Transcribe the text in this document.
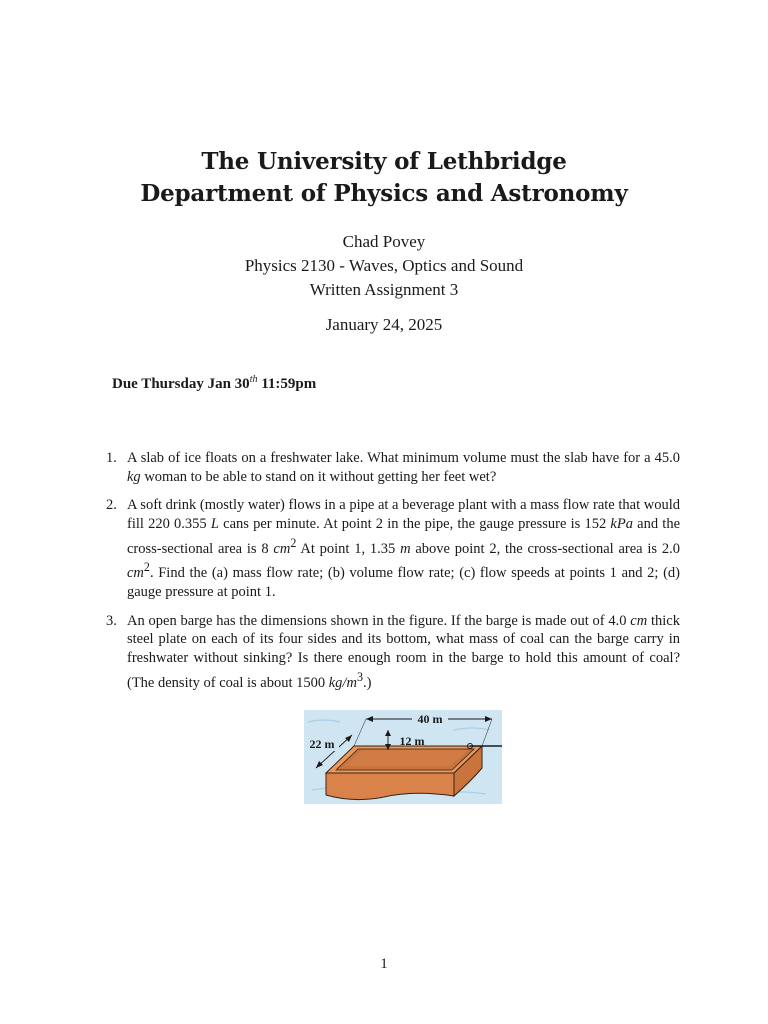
The University of Lethbridge
Department of Physics and Astronomy
Chad Povey
Physics 2130 - Waves, Optics and Sound
Written Assignment 3
January 24, 2025
Due Thursday Jan 30th 11:59pm
1. A slab of ice floats on a freshwater lake. What minimum volume must the slab have for a 45.0 kg woman to be able to stand on it without getting her feet wet?
2. A soft drink (mostly water) flows in a pipe at a beverage plant with a mass flow rate that would fill 220 0.355 L cans per minute. At point 2 in the pipe, the gauge pressure is 152 kPa and the cross-sectional area is 8 $cm^2$ At point 1, 1.35 m above point 2, the cross-sectional area is 2.0 $cm^2$. Find the (a) mass flow rate; (b) volume flow rate; (c) flow speeds at points 1 and 2; (d) gauge pressure at point 1.
3. An open barge has the dimensions shown in the figure. If the barge is made out of 4.0 cm thick steel plate on each of its four sides and its bottom, what mass of coal can the barge carry in freshwater without sinking? Is there enough room in the barge to hold this amount of coal? (The density of coal is about 1500 $kg/m^3$.)
40 m
22 m	12 m
1
